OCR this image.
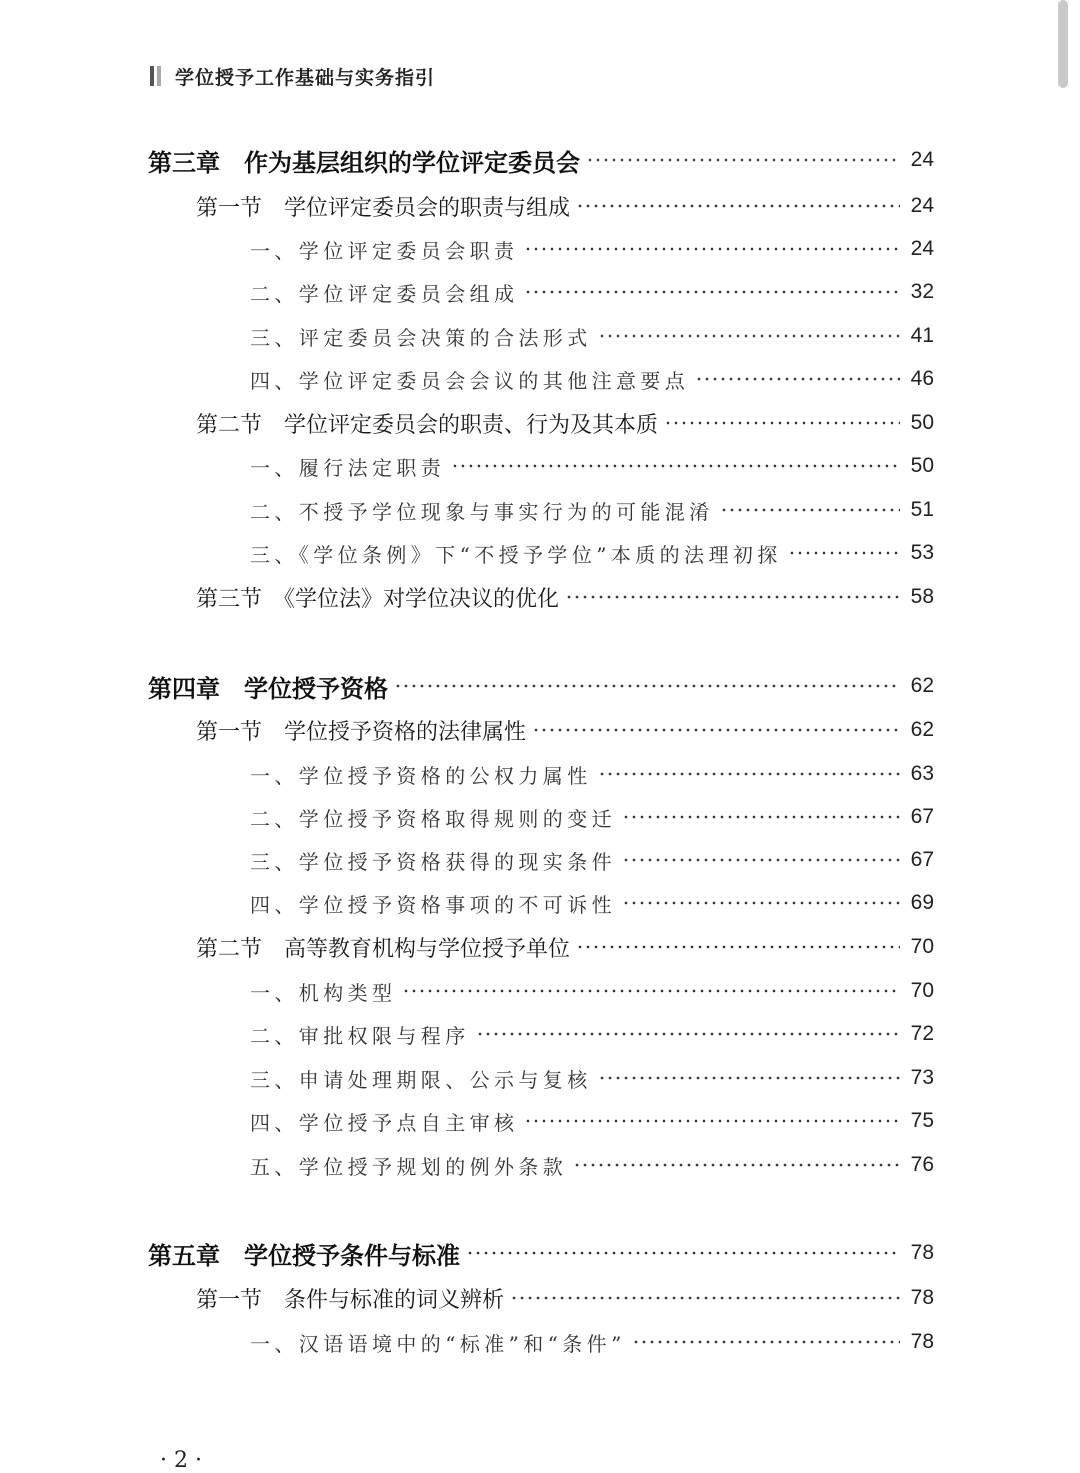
学位授予工作基础与实务指引
第三章　作为基层组织的学位评定委员会	24
第一节　学位评定委员会的职责与组成	24
一、学位评定委员会职责	24
二、学位评定委员会组成	32
三、评定委员会决策的合法形式	41
四、学位评定委员会会议的其他注意要点	46
第二节　学位评定委员会的职责、行为及其本质	50
一、履行法定职责	50
二、不授予学位现象与事实行为的可能混淆	51
三、《学位条例》下“不授予学位”本质的法理初探	53
第三节　《学位法》对学位决议的优化	58
第四章　学位授予资格	62
第一节　学位授予资格的法律属性	62
一、学位授予资格的公权力属性	63
二、学位授予资格取得规则的变迁	67
三、学位授予资格获得的现实条件	67
四、学位授予资格事项的不可诉性	69
第二节　高等教育机构与学位授予单位	70
一、机构类型	70
二、审批权限与程序	72
三、申请处理期限、公示与复核	73
四、学位授予点自主审核	75
五、学位授予规划的例外条款	76
第五章　学位授予条件与标准	78
第一节　条件与标准的词义辨析	78
一、汉语语境中的“标准”和“条件”	78
· 2 ·
